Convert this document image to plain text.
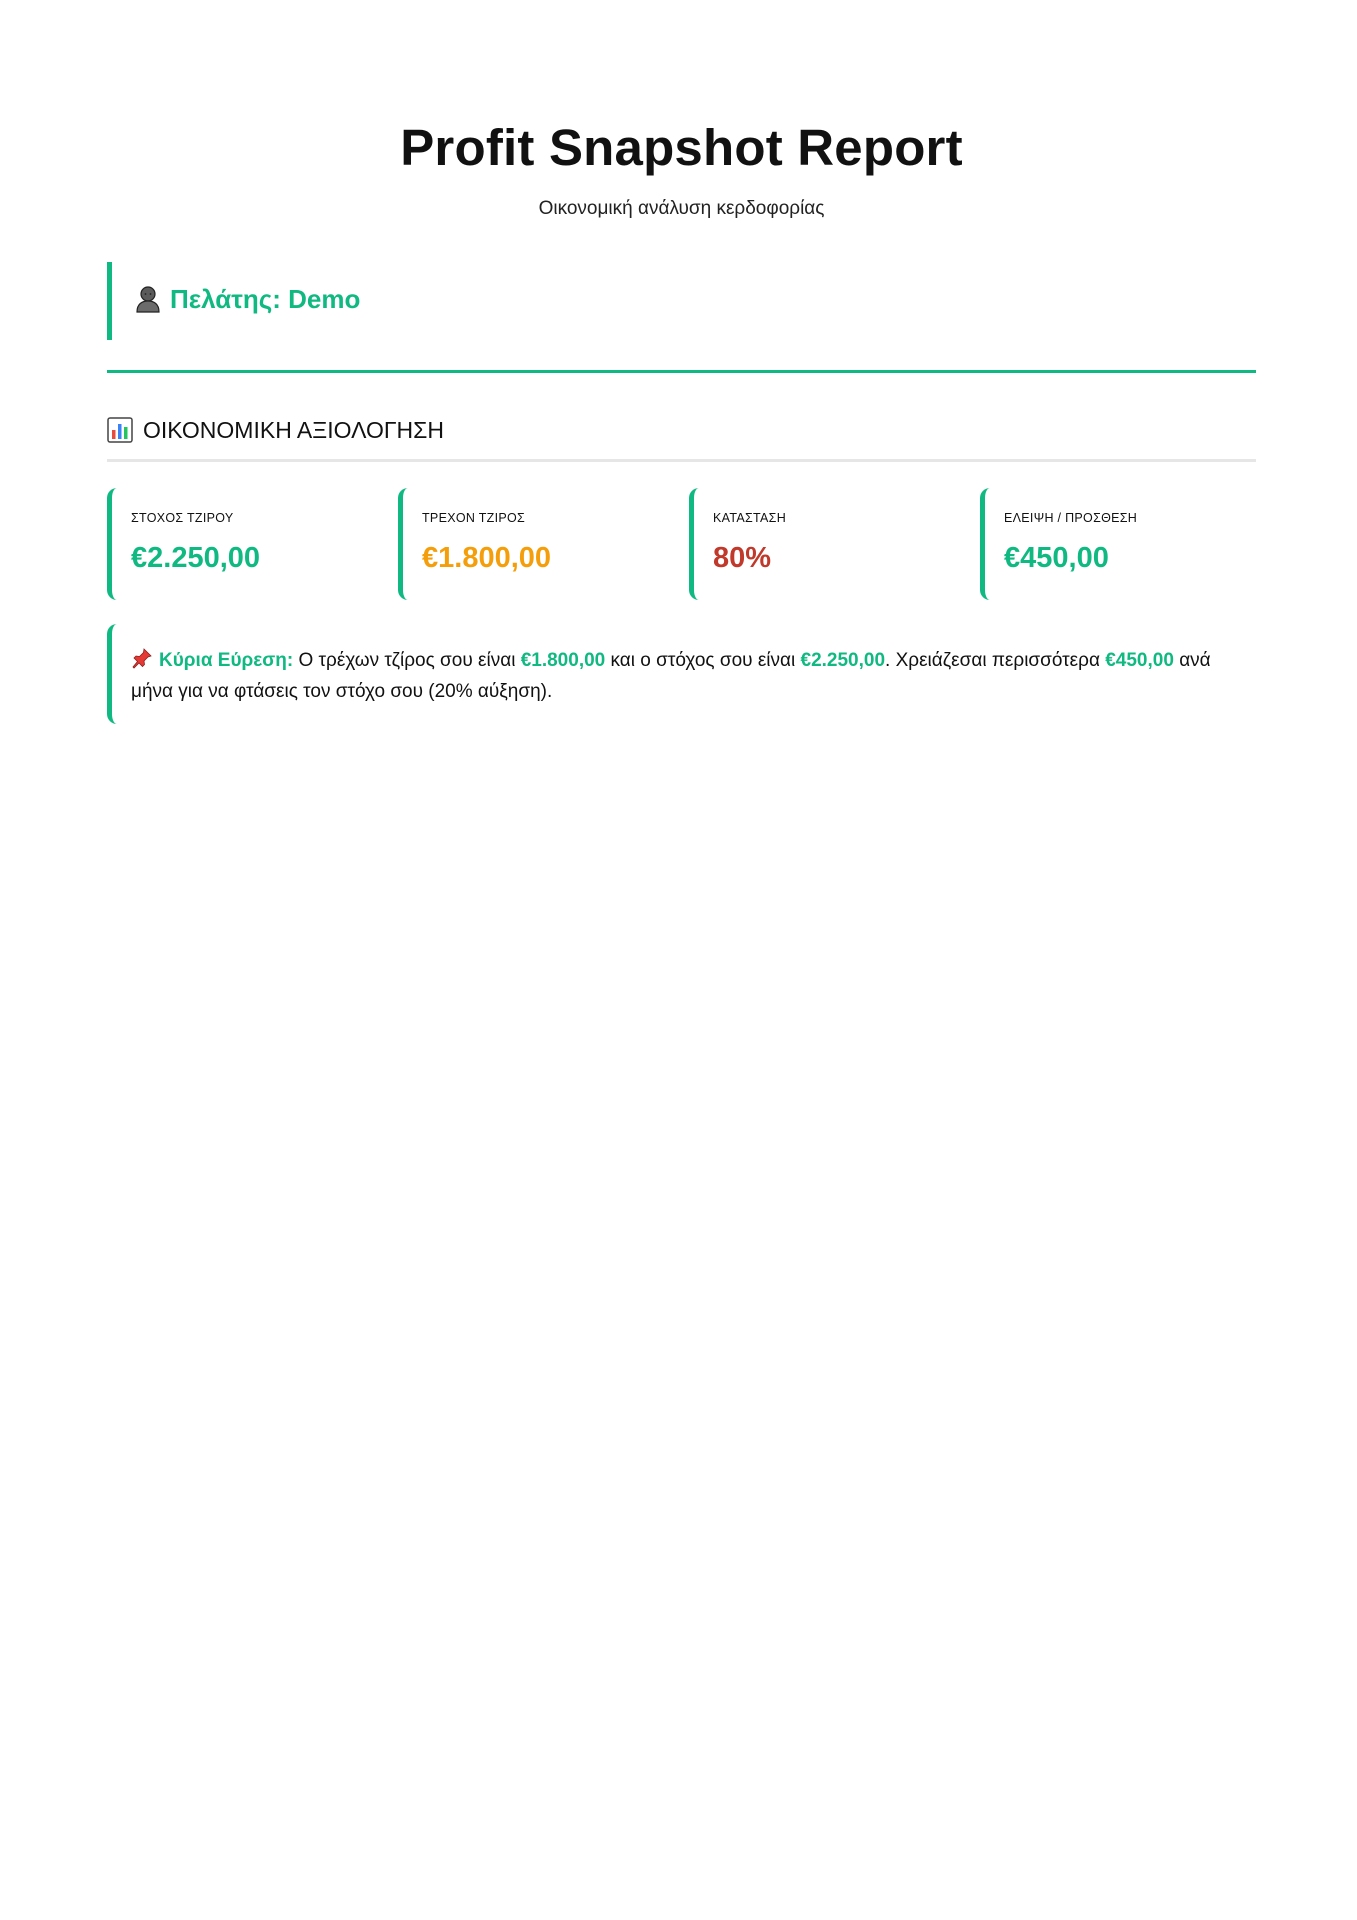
Profit Snapshot Report
Οικονομική ανάλυση κερδοφορίας
Πελάτης: Demo
ΟΙΚΟΝΟΜΙΚΗ ΑΞΙΟΛΟΓΗΣΗ
ΣΤΟΧΟΣ ΤΖΙΡΟΥ
€2.250,00
ΤΡΕΧΟΝ ΤΖΙΡΟΣ
€1.800,00
ΚΑΤΑΣΤΑΣΗ
80%
ΕΛΕΙΨΗ / ΠΡΟΣΘΕΣΗ
€450,00
Κύρια Εύρεση: Ο τρέχων τζίρος σου είναι €1.800,00 και ο στόχος σου είναι €2.250,00. Χρειάζεσαι περισσότερα €450,00 ανά μήνα για να φτάσεις τον στόχο σου (20% αύξηση).
